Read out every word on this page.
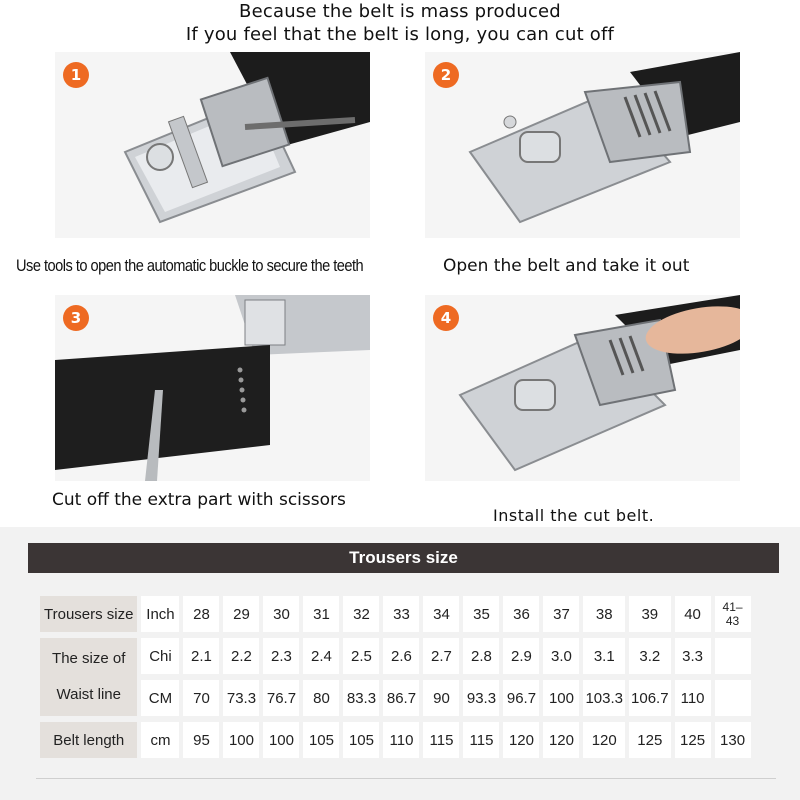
Because the belt is mass produced
If you feel that the belt is long, you can cut off
1	2
3	4
Use tools to open the automatic buckle to secure the teeth	Open the belt and take it out
Cut off the extra part with scissors
Install the cut belt.
Trousers size
Trousers size	Inch	28	29	30	31	32	33	34	35	36	37	38	39	40	41–43

The size of
Waist line	Chi	2.1	2.2	2.3	2.4	2.5	2.6	2.7	2.8	2.9	3.0	3.1	3.2	3.3	
	CM	70	73.3	76.7	80	83.3	86.7	90	93.3	96.7	100	103.3	106.7	110	
Belt length	cm	95	100	100	105	105	110	115	115	120	120	120	125	125	130
